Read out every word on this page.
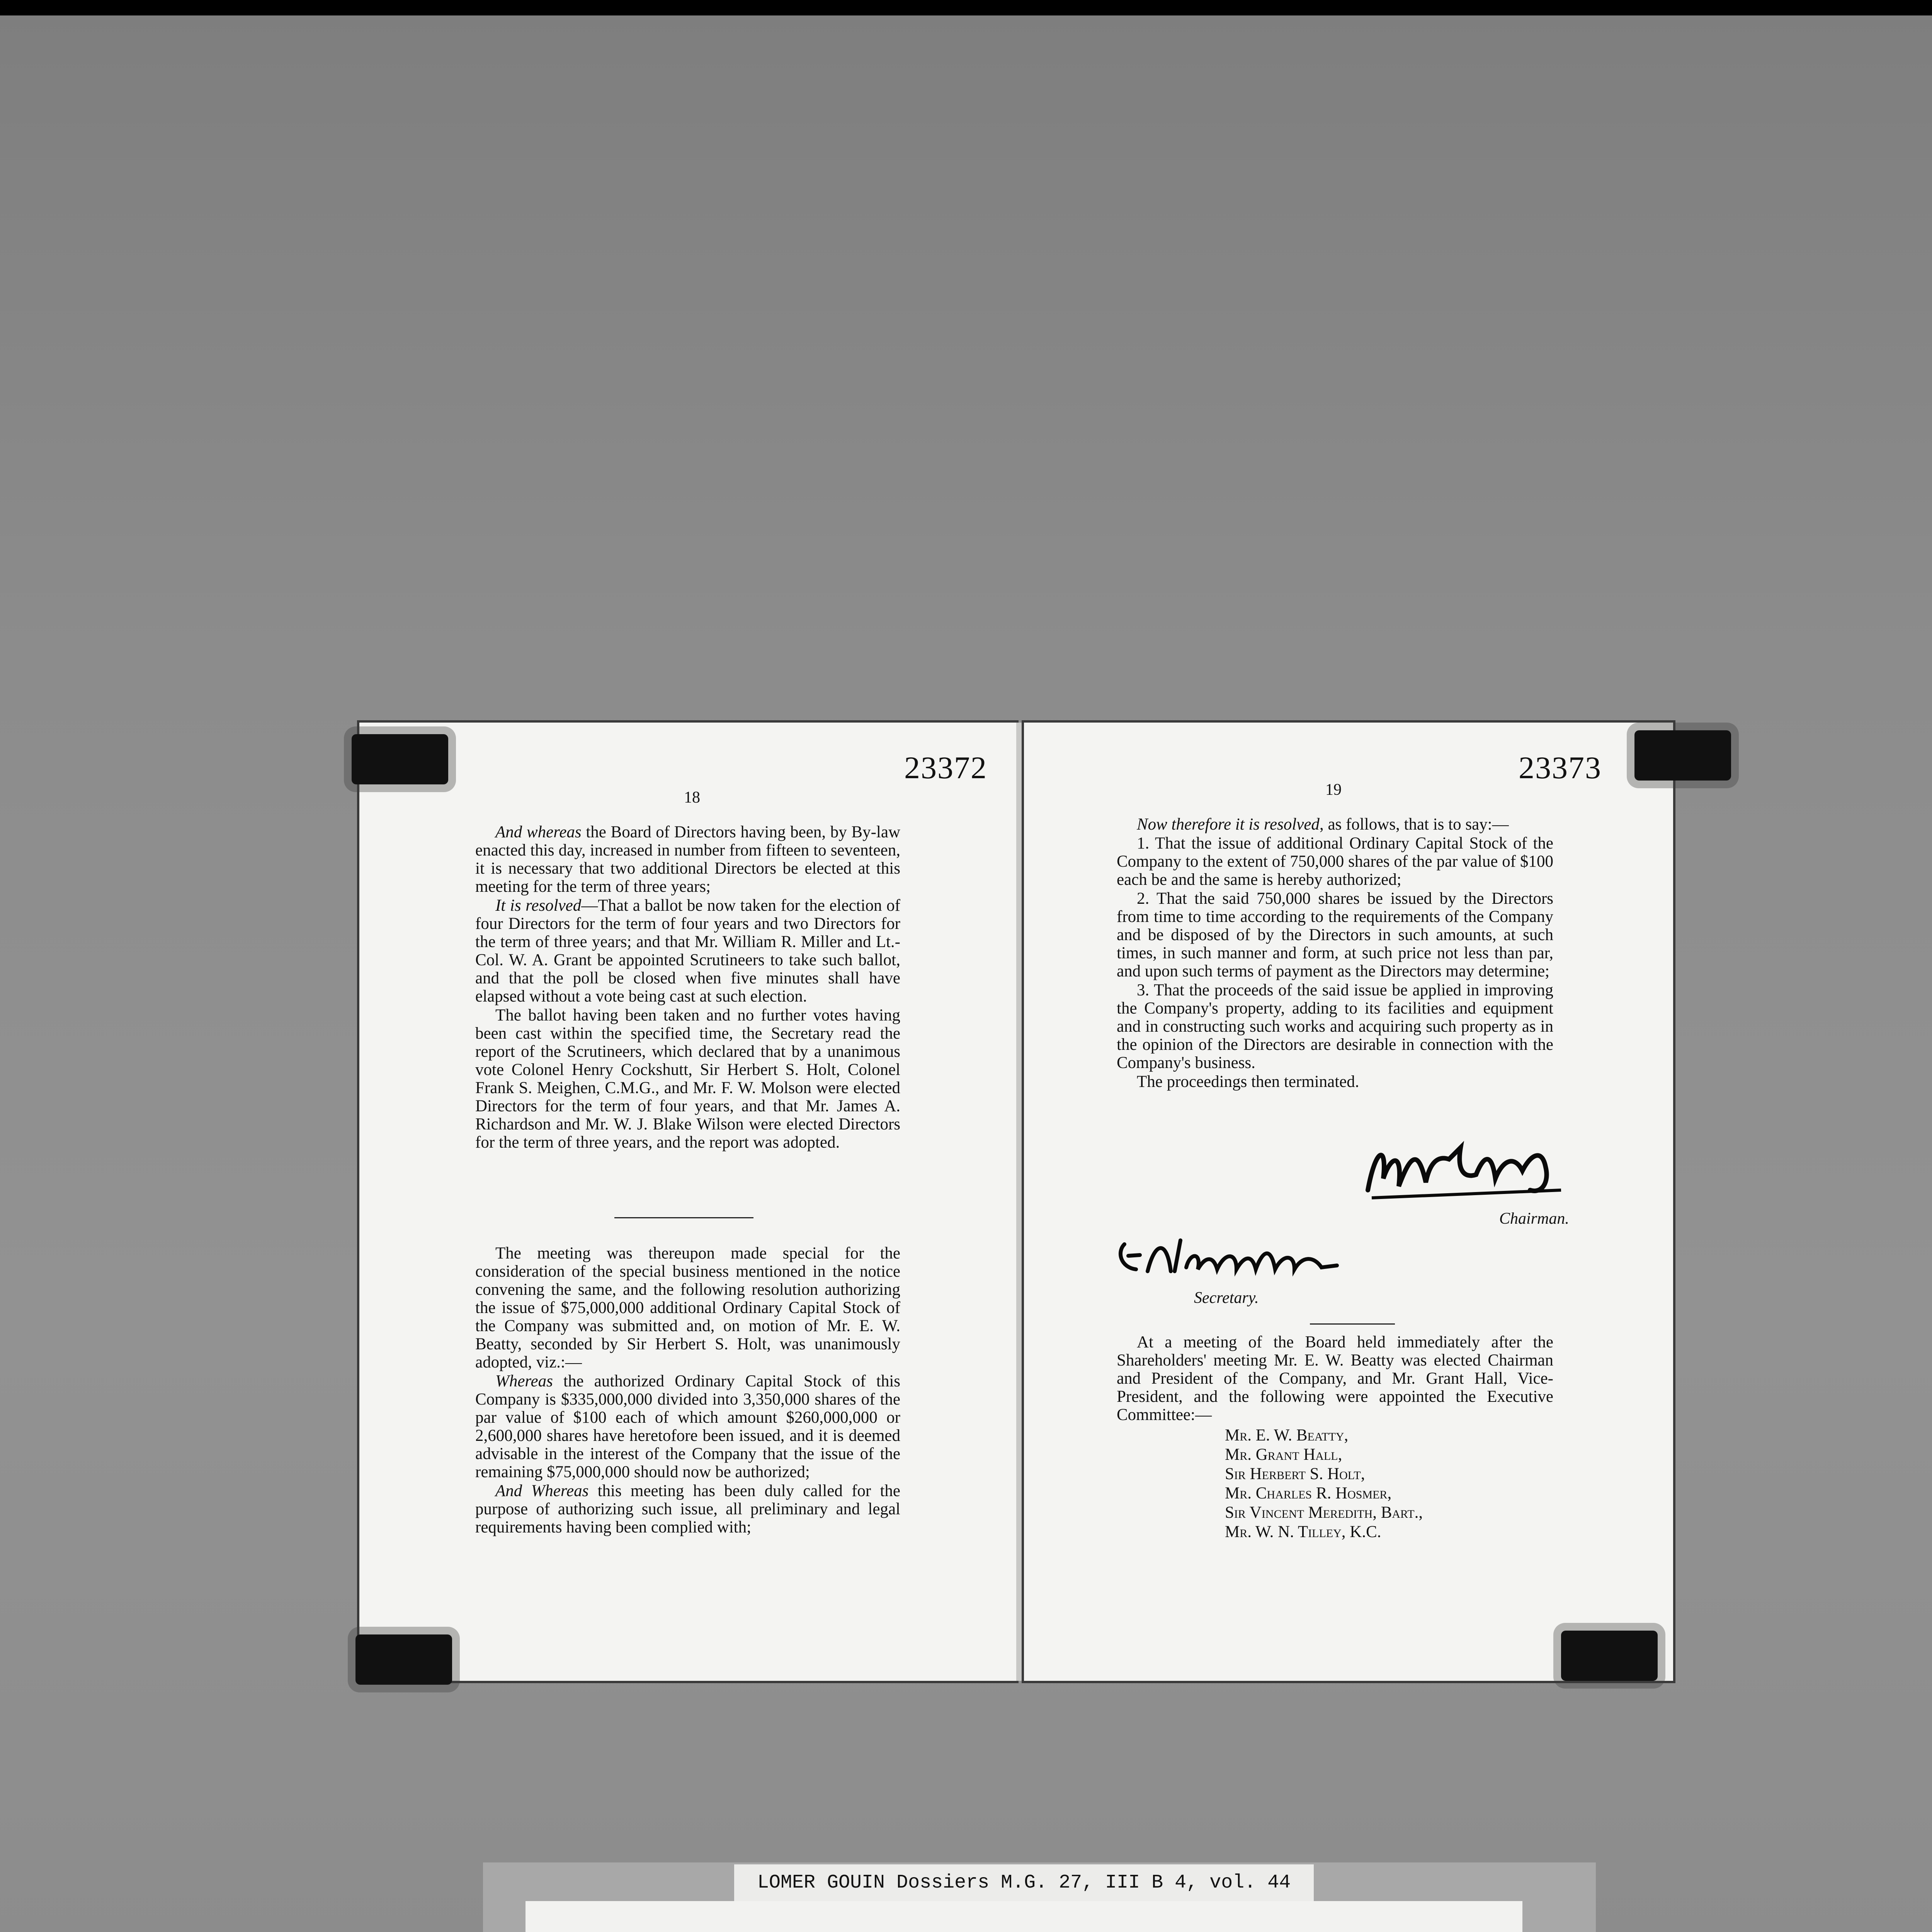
23372
18

And whereas the Board of Directors having been, by By-law enacted this day, increased in number from fifteen to seventeen, it is necessary that two additional Directors be elected at this meeting for the term of three years;

It is resolved—That a ballot be now taken for the election of four Directors for the term of four years and two Directors for the term of three years; and that Mr. William R. Miller and Lt.-Col. W. A. Grant be appointed Scrutineers to take such ballot, and that the poll be closed when five minutes shall have elapsed without a vote being cast at such election.

The ballot having been taken and no further votes having been cast within the specified time, the Secretary read the report of the Scrutineers, which declared that by a unanimous vote Colonel Henry Cockshutt, Sir Herbert S. Holt, Colonel Frank S. Meighen, C.M.G., and Mr. F. W. Molson were elected Directors for the term of four years, and that Mr. James A. Richardson and Mr. W. J. Blake Wilson were elected Directors for the term of three years, and the report was adopted.

The meeting was thereupon made special for the consideration of the special business mentioned in the notice convening the same, and the following resolution authorizing the issue of $75,000,000 additional Ordinary Capital Stock of the Company was submitted and, on motion of Mr. E. W. Beatty, seconded by Sir Herbert S. Holt, was unanimously adopted, viz.:—

Whereas the authorized Ordinary Capital Stock of this Company is $335,000,000 divided into 3,350,000 shares of the par value of $100 each of which amount $260,000,000 or 2,600,000 shares have heretofore been issued, and it is deemed advisable in the interest of the Company that the issue of the remaining $75,000,000 should now be authorized;

And Whereas this meeting has been duly called for the purpose of authorizing such issue, all preliminary and legal requirements having been complied with;

23373
19

Now therefore it is resolved, as follows, that is to say:—

1. That the issue of additional Ordinary Capital Stock of the Company to the extent of 750,000 shares of the par value of $100 each be and the same is hereby authorized;

2. That the said 750,000 shares be issued by the Directors from time to time according to the requirements of the Company and be disposed of by the Directors in such amounts, at such times, in such manner and form, at such price not less than par, and upon such terms of payment as the Directors may determine;

3. That the proceeds of the said issue be applied in improving the Company's property, adding to its facilities and equipment and in constructing such works and acquiring such property as in the opinion of the Directors are desirable in connection with the Company's business.

The proceedings then terminated.

Chairman.
Secretary.

At a meeting of the Board held immediately after the Shareholders' meeting Mr. E. W. Beatty was elected Chairman and President of the Company, and Mr. Grant Hall, Vice-President, and the following were appointed the Executive Committee:—

Mr. E. W. Beatty,
Mr. Grant Hall,
Sir Herbert S. Holt,
Mr. Charles R. Hosmer,
Sir Vincent Meredith, Bart.,
Mr. W. N. Tilley, K.C.
LOMER GOUIN Dossiers M.G. 27, III B 4, vol. 44
